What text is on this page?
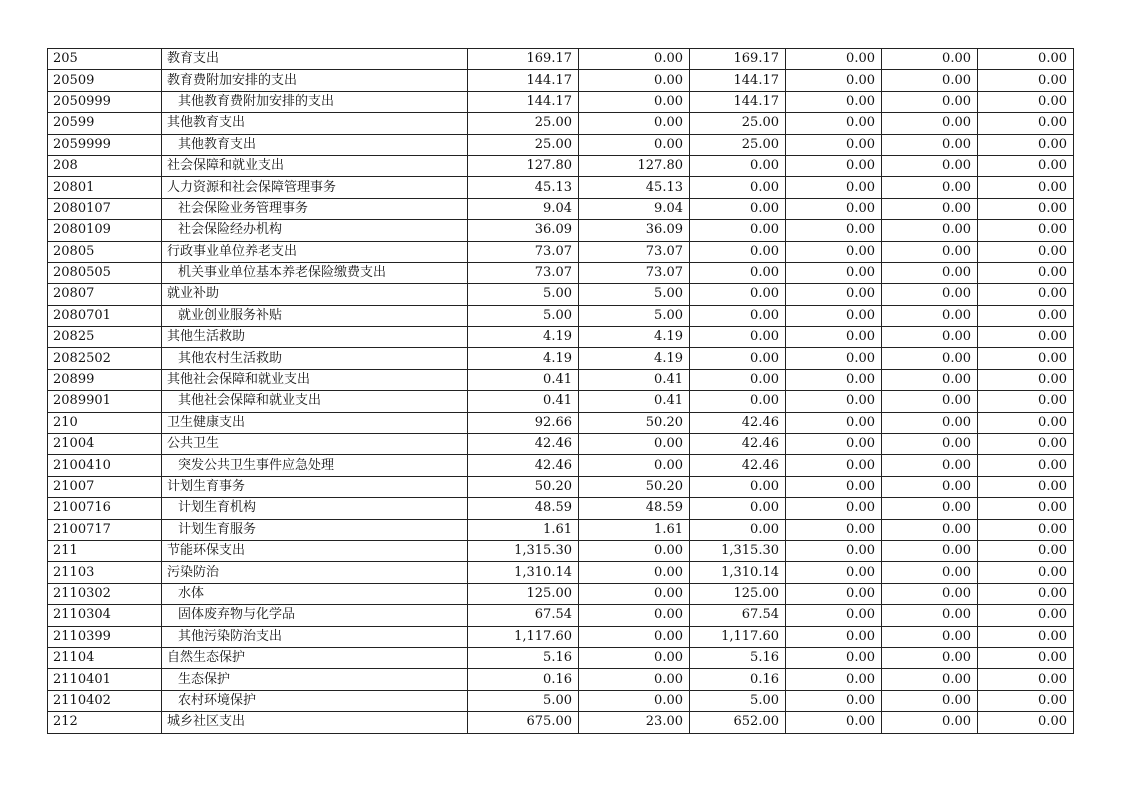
205	教育支出	169.17	0.00	169.17	0.00	0.00	0.00
20509	教育费附加安排的支出	144.17	0.00	144.17	0.00	0.00	0.00
2050999	其他教育费附加安排的支出	144.17	0.00	144.17	0.00	0.00	0.00
20599	其他教育支出	25.00	0.00	25.00	0.00	0.00	0.00
2059999	其他教育支出	25.00	0.00	25.00	0.00	0.00	0.00
208	社会保障和就业支出	127.80	127.80	0.00	0.00	0.00	0.00
20801	人力资源和社会保障管理事务	45.13	45.13	0.00	0.00	0.00	0.00
2080107	社会保险业务管理事务	9.04	9.04	0.00	0.00	0.00	0.00
2080109	社会保险经办机构	36.09	36.09	0.00	0.00	0.00	0.00
20805	行政事业单位养老支出	73.07	73.07	0.00	0.00	0.00	0.00
2080505	机关事业单位基本养老保险缴费支出	73.07	73.07	0.00	0.00	0.00	0.00
20807	就业补助	5.00	5.00	0.00	0.00	0.00	0.00
2080701	就业创业服务补贴	5.00	5.00	0.00	0.00	0.00	0.00
20825	其他生活救助	4.19	4.19	0.00	0.00	0.00	0.00
2082502	其他农村生活救助	4.19	4.19	0.00	0.00	0.00	0.00
20899	其他社会保障和就业支出	0.41	0.41	0.00	0.00	0.00	0.00
2089901	其他社会保障和就业支出	0.41	0.41	0.00	0.00	0.00	0.00
210	卫生健康支出	92.66	50.20	42.46	0.00	0.00	0.00
21004	公共卫生	42.46	0.00	42.46	0.00	0.00	0.00
2100410	突发公共卫生事件应急处理	42.46	0.00	42.46	0.00	0.00	0.00
21007	计划生育事务	50.20	50.20	0.00	0.00	0.00	0.00
2100716	计划生育机构	48.59	48.59	0.00	0.00	0.00	0.00
2100717	计划生育服务	1.61	1.61	0.00	0.00	0.00	0.00
211	节能环保支出	1,315.30	0.00	1,315.30	0.00	0.00	0.00
21103	污染防治	1,310.14	0.00	1,310.14	0.00	0.00	0.00
2110302	水体	125.00	0.00	125.00	0.00	0.00	0.00
2110304	固体废弃物与化学品	67.54	0.00	67.54	0.00	0.00	0.00
2110399	其他污染防治支出	1,117.60	0.00	1,117.60	0.00	0.00	0.00
21104	自然生态保护	5.16	0.00	5.16	0.00	0.00	0.00
2110401	生态保护	0.16	0.00	0.16	0.00	0.00	0.00
2110402	农村环境保护	5.00	0.00	5.00	0.00	0.00	0.00
212	城乡社区支出	675.00	23.00	652.00	0.00	0.00	0.00
